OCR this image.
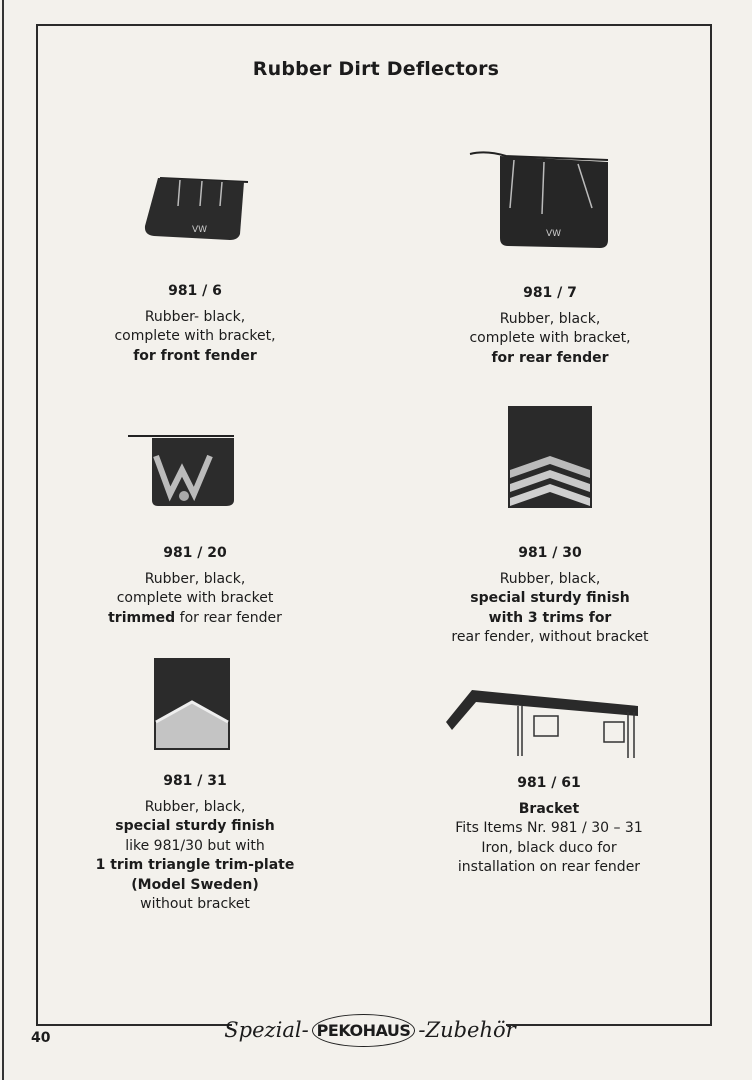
Rubber Dirt Deflectors
VW	VW
981 / 6
Rubber- black,
complete with bracket,
for front fender
981 / 7
Rubber, black,
complete with bracket,
for rear fender
981 / 20
Rubber, black,
complete with bracket
trimmed for rear fender
981 / 30
Rubber, black,
special sturdy finish
with 3 trims for
rear fender, without bracket
981 / 31
Rubber, black,
special sturdy finish
like 981/30 but with
1 trim triangle trim-plate
(Model Sweden)
without bracket
981 / 61
Bracket
Fits Items Nr. 981 / 30 – 31
Iron, black duco for
installation on rear fender
40	Spezial- PEKOHAUS -Zubehör
